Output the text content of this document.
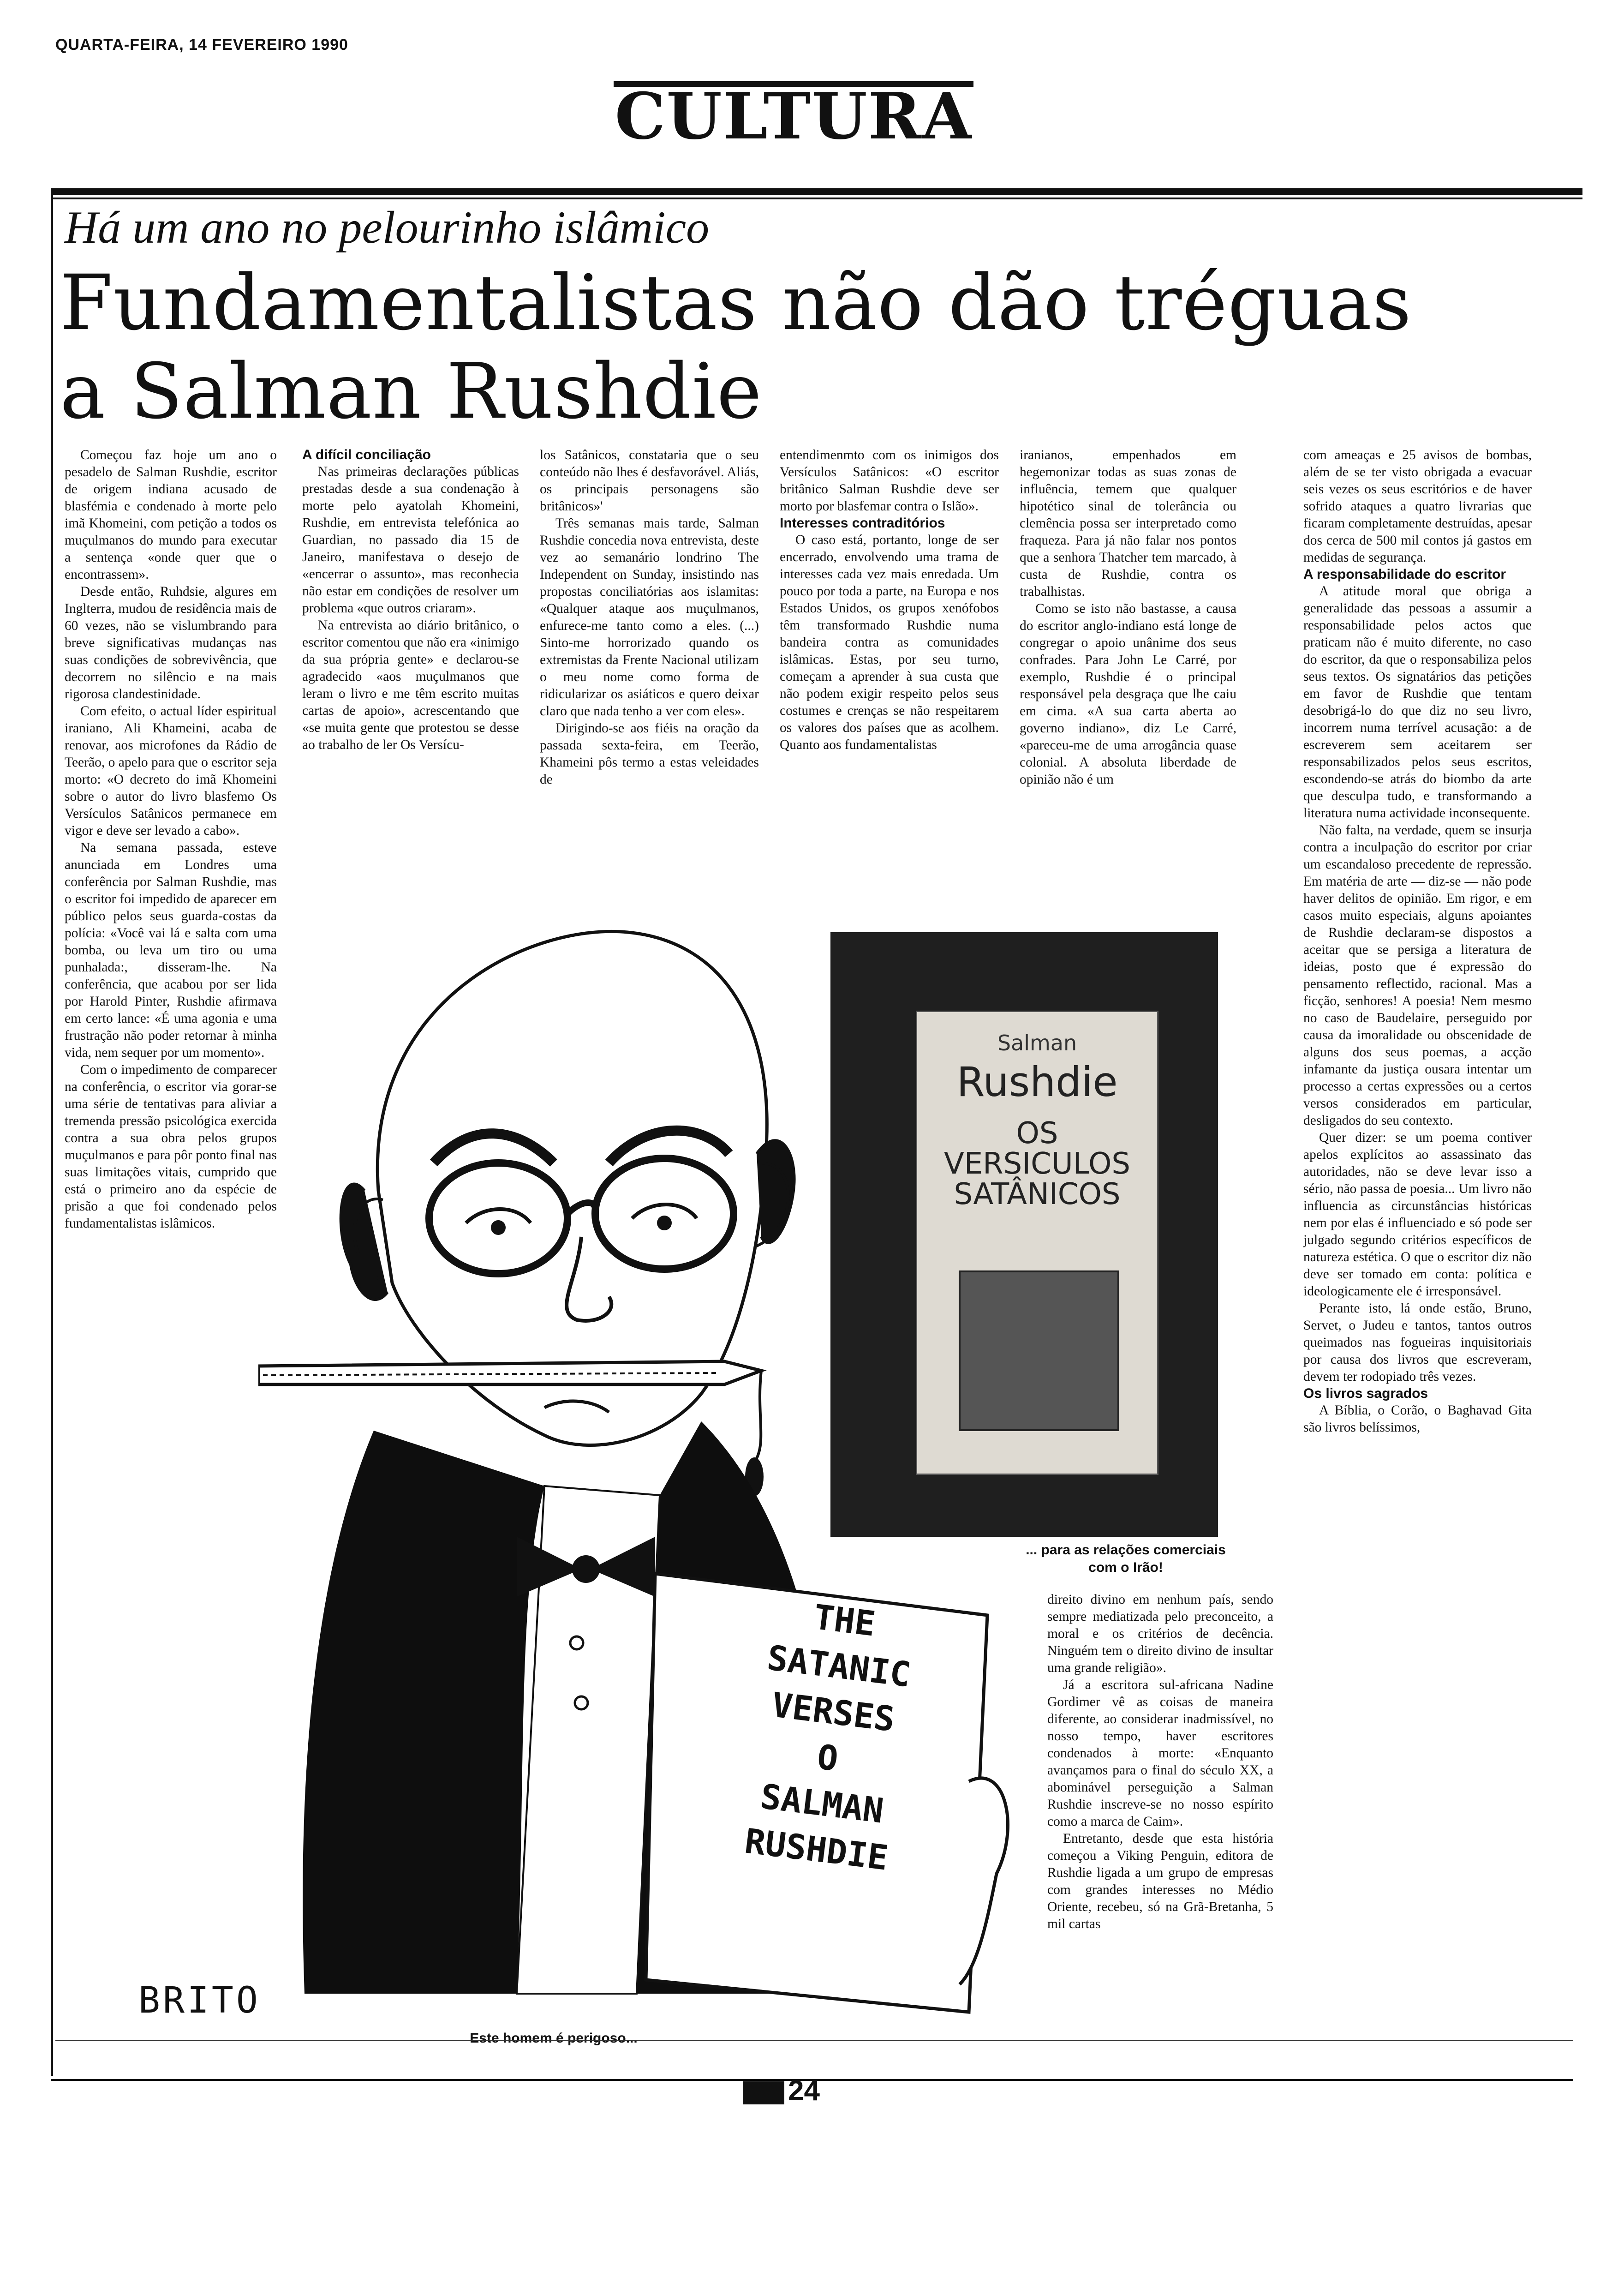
QUARTA-FEIRA, 14 FEVEREIRO 1990
CULTURA
Há um ano no pelourinho islâmico
Fundamentalistas não dão tréguas
a Salman Rushdie

Começou faz hoje um ano o pesadelo de Salman Rushdie, escritor de origem indiana acusado de blasfémia e condenado à morte pelo imã Khomeini, com petição a todos os muçulmanos do mundo para executar a sentença «onde quer que o encontrassem».

Desde então, Ruhdsie, algures em Inglterra, mudou de residência mais de 60 vezes, não se vislumbrando para breve significativas mudanças nas suas condições de sobrevivência, que decorrem no silêncio e na mais rigorosa clandestinidade.

Com efeito, o actual líder espiritual iraniano, Ali Khameini, acaba de renovar, aos microfones da Rádio de Teerão, o apelo para que o escritor seja morto: «O decreto do imã Khomeini sobre o autor do livro blasfemo Os Versículos Satânicos permanece em vigor e deve ser levado a cabo».

Na semana passada, esteve anunciada em Londres uma conferência por Salman Rushdie, mas o escritor foi impedido de aparecer em público pelos seus guarda-costas da polícia: «Você vai lá e salta com uma bomba, ou leva um tiro ou uma punhalada:, disseram-lhe. Na conferência, que acabou por ser lida por Harold Pinter, Rushdie afirmava em certo lance: «É uma agonia e uma frustração não poder retornar à minha vida, nem sequer por um momento».

Com o impedimento de comparecer na conferência, o escritor via gorar-se uma série de tentativas para aliviar a tremenda pressão psicológica exercida contra a sua obra pelos grupos muçulmanos e para pôr ponto final nas suas limitações vitais, cumprido que está o primeiro ano da espécie de prisão a que foi condenado pelos fundamentalistas islâmicos.

A difícil conciliação

Nas primeiras declarações públicas prestadas desde a sua condenação à morte pelo ayatolah Khomeini, Rushdie, em entrevista telefónica ao Guardian, no passado dia 15 de Janeiro, manifestava o desejo de «encerrar o assunto», mas reconhecia não estar em condições de resolver um problema «que outros criaram».

Na entrevista ao diário britânico, o escritor comentou que não era «inimigo da sua própria gente» e declarou-se agradecido «aos muçulmanos que leram o livro e me têm escrito muitas cartas de apoio», acrescentando que «se muita gente que protestou se desse ao trabalho de ler Os Versícu-

los Satânicos, constataria que o seu conteúdo não lhes é desfavorável. Aliás, os principais personagens são britânicos»'

Três semanas mais tarde, Salman Rushdie concedia nova entrevista, deste vez ao semanário londrino The Independent on Sunday, insistindo nas propostas conciliatórias aos islamitas: «Qualquer ataque aos muçulmanos, enfurece-me tanto como a eles. (...) Sinto-me horrorizado quando os extremistas da Frente Nacional utilizam o meu nome como forma de ridicularizar os asiáticos e quero deixar claro que nada tenho a ver com eles».

Dirigindo-se aos fiéis na oração da passada sexta-feira, em Teerão, Khameini pôs termo a estas veleidades de

entendimenmto com os inimigos dos Versículos Satânicos: «O escritor britânico Salman Rushdie deve ser morto por blasfemar contra o Islão».

Interesses contraditórios

O caso está, portanto, longe de ser encerrado, envolvendo uma trama de interesses cada vez mais enredada. Um pouco por toda a parte, na Europa e nos Estados Unidos, os grupos xenófobos têm transformado Rushdie numa bandeira contra as comunidades islâmicas. Estas, por seu turno, começam a aprender à sua custa que não podem exigir respeito pelos seus costumes e crenças se não respeitarem os valores dos países que as acolhem. Quanto aos fundamentalistas

iranianos, empenhados em hegemonizar todas as suas zonas de influência, temem que qualquer hipotético sinal de tolerância ou clemência possa ser interpretado como fraqueza. Para já não falar nos pontos que a senhora Thatcher tem marcado, à custa de Rushdie, contra os trabalhistas.

Como se isto não bastasse, a causa do escritor anglo-indiano está longe de congregar o apoio unânime dos seus confrades. Para John Le Carré, por exemplo, Rushdie é o principal responsável pela desgraça que lhe caiu em cima. «A sua carta aberta ao governo indiano», diz Le Carré, «pareceu-me de uma arrogância quase colonial. A absoluta liberdade de opinião não é um

direito divino em nenhum país, sendo sempre mediatizada pelo preconceito, a moral e os critérios de decência. Ninguém tem o direito divino de insultar uma grande religião».

Já a escritora sul-africana Nadine Gordimer vê as coisas de maneira diferente, ao considerar inadmissível, no nosso tempo, haver escritores condenados à morte: «Enquanto avançamos para o final do século XX, a abominável perseguição a Salman Rushdie inscreve-se no nosso espírito como a marca de Caim».

Entretanto, desde que esta história começou a Viking Penguin, editora de Rushdie ligada a um grupo de empresas com grandes interesses no Médio Oriente, recebeu, só na Grã-Bretanha, 5 mil cartas

com ameaças e 25 avisos de bombas, além de se ter visto obrigada a evacuar seis vezes os seus escritórios e de haver sofrido ataques a quatro livrarias que ficaram completamente destruídas, apesar dos cerca de 500 mil contos já gastos em medidas de segurança.

A responsabilidade do escritor

A atitude moral que obriga a generalidade das pessoas a assumir a responsabilidade pelos actos que praticam não é muito diferente, no caso do escritor, da que o responsabiliza pelos seus textos. Os signatários das petições em favor de Rushdie que tentam desobrigá-lo do que diz no seu livro, incorrem numa terrível acusação: a de escreverem sem aceitarem ser responsabilizados pelos seus escritos, escondendo-se atrás do biombo da arte que desculpa tudo, e transformando a literatura numa actividade inconsequente.

Não falta, na verdade, quem se insurja contra a inculpação do escritor por criar um escandaloso precedente de repressão. Em matéria de arte — diz-se — não pode haver delitos de opinião. Em rigor, e em casos muito especiais, alguns apoiantes de Rushdie declaram-se dispostos a aceitar que se persiga a literatura de ideias, posto que é expressão do pensamento reflectido, racional. Mas a ficção, senhores! A poesia! Nem mesmo no caso de Baudelaire, perseguido por causa da imoralidade ou obscenidade de alguns dos seus poemas, a acção infamante da justiça ousara intentar um processo a certas expressões ou a certos versos considerados em particular, desligados do seu contexto.

Quer dizer: se um poema contiver apelos explícitos ao assassinato das autoridades, não se deve levar isso a sério, não passa de poesia... Um livro não influencia as circunstâncias históricas nem por elas é influenciado e só pode ser julgado segundo critérios específicos de natureza estética. O que o escritor diz não deve ser tomado em conta: política e ideologicamente ele é irresponsável.

Perante isto, lá onde estão, Bruno, Servet, o Judeu e tantos, tantos outros queimados nas fogueiras inquisitoriais por causa dos livros que escreveram, devem ter rodopiado três vezes.

Os livros sagrados

A Bíblia, o Corão, o Baghavad Gita são livros belíssimos,

Salman
Rushdie
OS
VERSICULOS
SATÂNICOS
... para as relações comerciais
com o Irão!
THE
SATANIC
VERSES
O
SALMAN
RUSHDIE
BRITO
Este homem é perigoso...
24
